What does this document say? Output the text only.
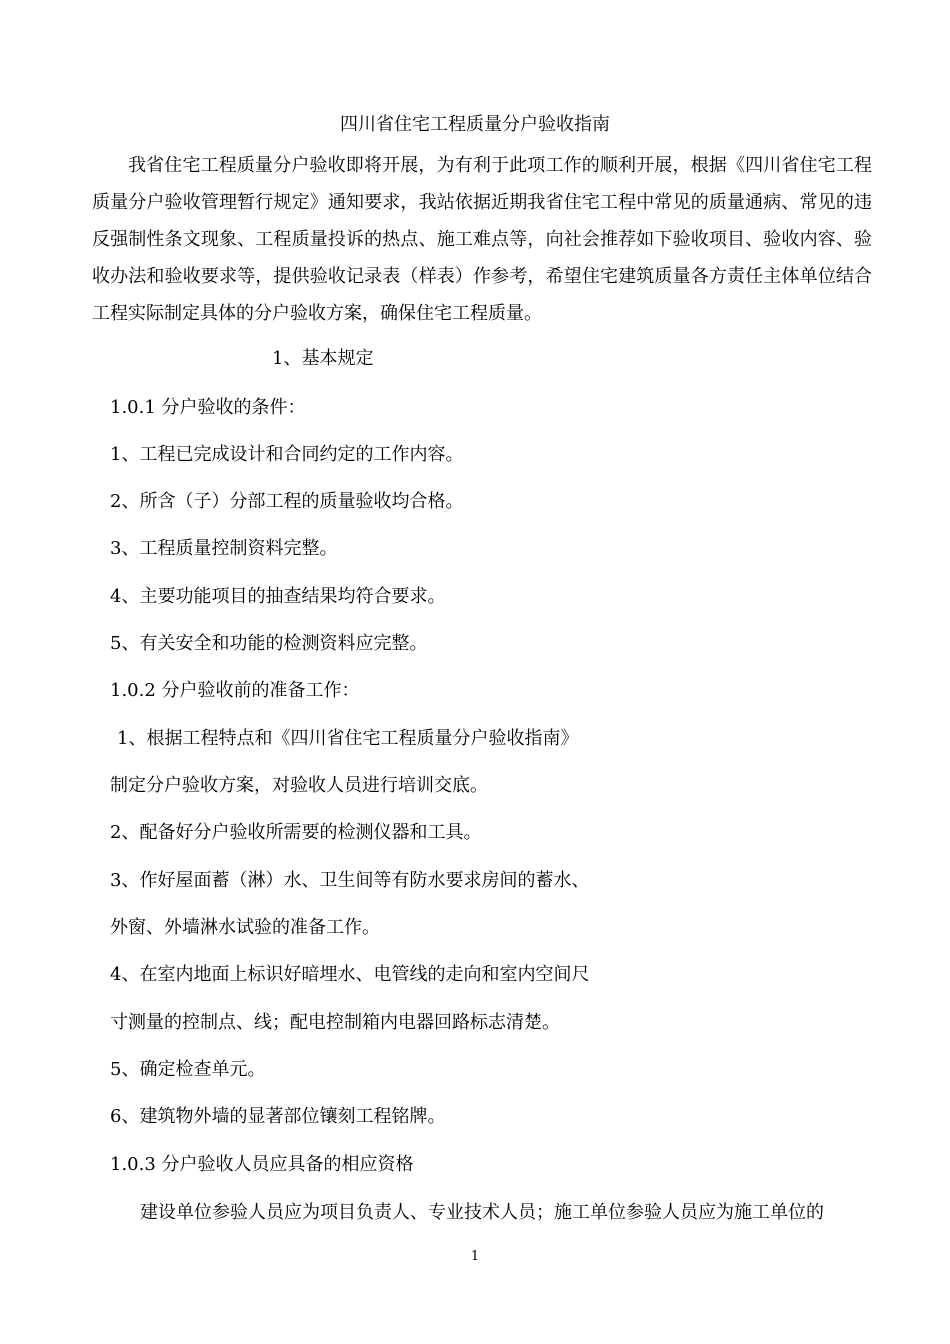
四川省住宅工程质量分户验收指南

我省住宅工程质量分户验收即将开展，为有利于此项工作的顺利开展，根据《四川省住宅工程质量分户验收管理暂行规定》通知要求，我站依据近期我省住宅工程中常见的质量通病、常见的违反强制性条文现象、工程质量投诉的热点、施工难点等，向社会推荐如下验收项目、验收内容、验收办法和验收要求等，提供验收记录表（样表）作参考，希望住宅建筑质量各方责任主体单位结合工程实际制定具体的分户验收方案，确保住宅工程质量。

1、基本规定
1.0.1 分户验收的条件：
1、工程已完成设计和合同约定的工作内容。
2、所含（子）分部工程的质量验收均合格。
3、工程质量控制资料完整。
4、主要功能项目的抽查结果均符合要求。
5、有关安全和功能的检测资料应完整。
1.0.2 分户验收前的准备工作：
1、根据工程特点和《四川省住宅工程质量分户验收指南》
制定分户验收方案，对验收人员进行培训交底。
2、配备好分户验收所需要的检测仪器和工具。
3、作好屋面蓄（淋）水、卫生间等有防水要求房间的蓄水、
外窗、外墙淋水试验的准备工作。
4、在室内地面上标识好暗埋水、电管线的走向和室内空间尺
寸测量的控制点、线；配电控制箱内电器回路标志清楚。
5、确定检查单元。
6、建筑物外墙的显著部位镶刻工程铭牌。
1.0.3 分户验收人员应具备的相应资格
建设单位参验人员应为项目负责人、专业技术人员；施工单位参验人员应为施工单位的
1
